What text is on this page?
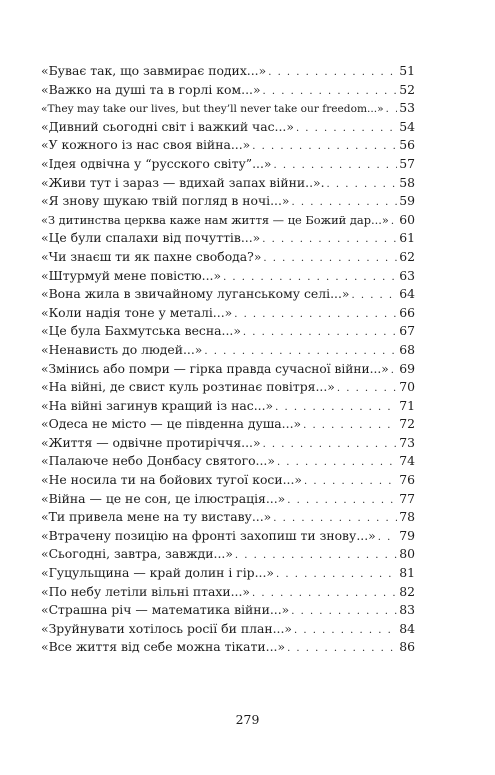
«Буває так, що завмирає подих...» . . .	51
«Важко на душі та в горлі ком...» . . .	52
«They may take our lives, but they’ll never take our freedom...» . . . 53
«Дивний сьогодні світ і важкий час...» . . .	54
«У кожного із нас своя війна...» . . .	56
«Ідея одвічна у “русского світу”...» . . .	57
«Живи тут і зараз — вдихай запах війни..». . . .	58
«Я знову шукаю твій погляд в ночі...» . . .	59
«З дитинства церква каже нам життя — це Божий дар...» . . . 60
«Це були спалахи від почуттів...» . . .	61
«Чи знаєш ти як пахне свобода?» . . .	62
«Штурмуй мене повістю...» . . .	63
«Вона жила в звичайному луганському селі...» . . .	64
«Коли надія тоне у металі...» . . .	66
«Це була Бахмутська весна...» . . .	67
«Ненависть до людей...» . . .	68
«Змінись або помри — гірка правда сучасної війни...» . . . 69
«На війні, де свист куль розтинає повітря...» . . .	70
«На війні загинув кращий із нас...» . . .	71
«Одеса не місто — це південна душа...» . . .	72
«Життя — одвічне протиріччя...» . . .	73
«Палаюче небо Донбасу святого...» . . .	74
«Не носила ти на бойових тугої коси...» . . .	76
«Війна — це не сон, це ілюстрація...» . . .	77
«Ти привела мене на ту виставу...» . . .	78
«Втрачену позицію на фронті захопиш ти знову...» . . . 79
«Сьогодні, завтра, завжди...» . . .	80
«Гуцульщина — край долин і гір...» . . .	81
«По небу летіли вільні птахи...» . . .	82
«Страшна річ — математика війни...» . . .	83
«Зруйнувати хотілось росії би план...» . . .	84
«Все життя від себе можна тікати...» . . .	86
279
